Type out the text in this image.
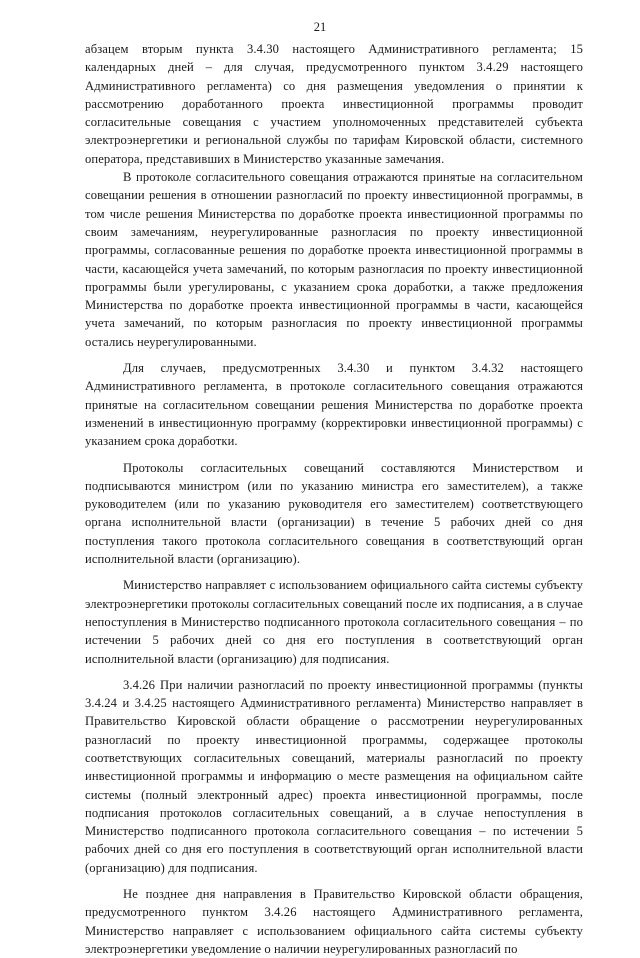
21

абзацем вторым пункта 3.4.30 настоящего Административного регламента; 15 календарных дней – для случая, предусмотренного пунктом 3.4.29 настоящего Административного регламента) со дня размещения уведомления о принятии к рассмотрению доработанного проекта инвестиционной программы проводит согласительные совещания с участием уполномоченных представителей субъекта электроэнергетики и региональной службы по тарифам Кировской области, системного оператора, представивших в Министерство указанные замечания.

В протоколе согласительного совещания отражаются принятые на согласительном совещании решения в отношении разногласий по проекту инвестиционной программы, в том числе решения Министерства по доработке проекта инвестиционной программы по своим замечаниям, неурегулированные разногласия по проекту инвестиционной программы, согласованные решения по доработке проекта инвестиционной программы в части, касающейся учета замечаний, по которым разногласия по проекту инвестиционной программы были урегулированы, с указанием срока доработки, а также предложения Министерства по доработке проекта инвестиционной программы в части, касающейся учета замечаний, по которым разногласия по проекту инвестиционной программы остались неурегулированными.

Для случаев, предусмотренных 3.4.30 и пунктом 3.4.32 настоящего Административного регламента, в протоколе согласительного совещания отражаются принятые на согласительном совещании решения Министерства по доработке проекта изменений в инвестиционную программу (корректировки инвестиционной программы) с указанием срока доработки.

Протоколы согласительных совещаний составляются Министерством и подписываются министром (или по указанию министра его заместителем), а также руководителем (или по указанию руководителя его заместителем) соответствующего органа исполнительной власти (организации) в течение 5 рабочих дней со дня поступления такого протокола согласительного совещания в соответствующий орган исполнительной власти (организацию).

Министерство направляет с использованием официального сайта системы субъекту электроэнергетики протоколы согласительных совещаний после их подписания, а в случае непоступления в Министерство подписанного протокола согласительного совещания – по истечении 5 рабочих дней со дня его поступления в соответствующий орган исполнительной власти (организацию) для подписания.

3.4.26 При наличии разногласий по проекту инвестиционной программы (пункты 3.4.24 и 3.4.25 настоящего Административного регламента) Министерство направляет в Правительство Кировской области обращение о рассмотрении неурегулированных разногласий по проекту инвестиционной программы, содержащее протоколы соответствующих согласительных совещаний, материалы разногласий по проекту инвестиционной программы и информацию о месте размещения на официальном сайте системы (полный электронный адрес) проекта инвестиционной программы, после подписания протоколов согласительных совещаний, а в случае непоступления в Министерство подписанного протокола согласительного совещания – по истечении 5 рабочих дней со дня его поступления в соответствующий орган исполнительной власти (организацию) для подписания.

Не позднее дня направления в Правительство Кировской области обращения, предусмотренного пунктом 3.4.26 настоящего Административного регламента, Министерство направляет с использованием официального сайта системы субъекту электроэнергетики уведомление о наличии неурегулированных разногласий по
